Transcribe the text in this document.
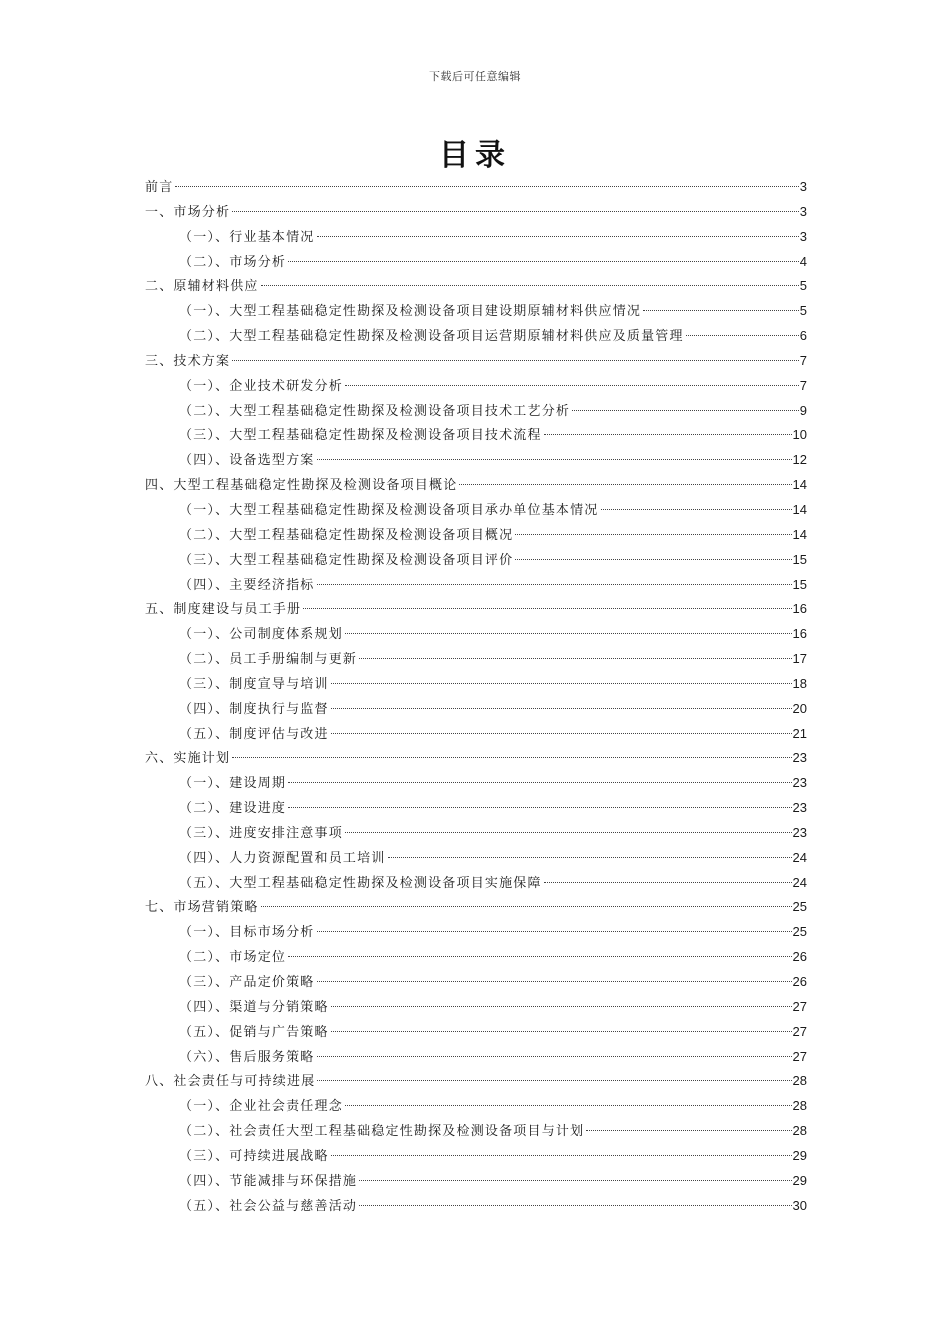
下载后可任意编辑
目录
前言	3
一、市场分析	3
（一）、行业基本情况	3
（二）、市场分析	4
二、原辅材料供应	5
（一）、大型工程基础稳定性勘探及检测设备项目建设期原辅材料供应情况	5
（二）、大型工程基础稳定性勘探及检测设备项目运营期原辅材料供应及质量管理	6
三、技术方案	7
（一）、企业技术研发分析	7
（二）、大型工程基础稳定性勘探及检测设备项目技术工艺分析	9
（三）、大型工程基础稳定性勘探及检测设备项目技术流程	10
（四）、设备选型方案	12
四、大型工程基础稳定性勘探及检测设备项目概论	14
（一）、大型工程基础稳定性勘探及检测设备项目承办单位基本情况	14
（二）、大型工程基础稳定性勘探及检测设备项目概况	14
（三）、大型工程基础稳定性勘探及检测设备项目评价	15
（四）、主要经济指标	15
五、制度建设与员工手册	16
（一）、公司制度体系规划	16
（二）、员工手册编制与更新	17
（三）、制度宣导与培训	18
（四）、制度执行与监督	20
（五）、制度评估与改进	21
六、实施计划	23
（一）、建设周期	23
（二）、建设进度	23
（三）、进度安排注意事项	23
（四）、人力资源配置和员工培训	24
（五）、大型工程基础稳定性勘探及检测设备项目实施保障	24
七、市场营销策略	25
（一）、目标市场分析	25
（二）、市场定位	26
（三）、产品定价策略	26
（四）、渠道与分销策略	27
（五）、促销与广告策略	27
（六）、售后服务策略	27
八、社会责任与可持续进展	28
（一）、企业社会责任理念	28
（二）、社会责任大型工程基础稳定性勘探及检测设备项目与计划	28
（三）、可持续进展战略	29
（四）、节能减排与环保措施	29
（五）、社会公益与慈善活动	30
